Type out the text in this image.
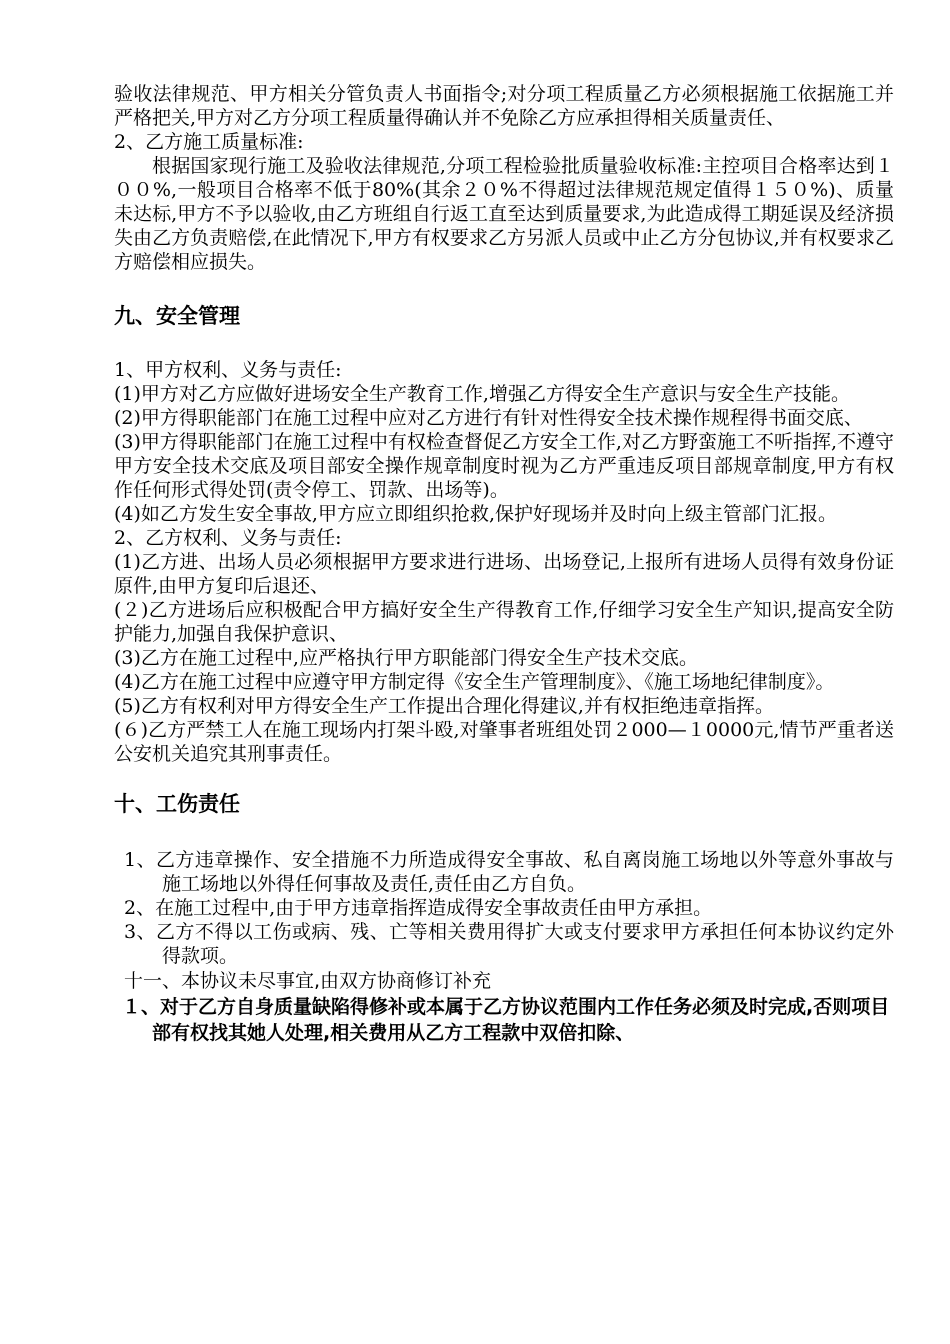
验收法律规范、甲方相关分管负责人书面指令;对分项工程质量乙方必须根据施工依据施工并严格把关,甲方对乙方分项工程质量得确认并不免除乙方应承担得相关质量责任、

2、乙方施工质量标准:

根据国家现行施工及验收法律规范,分项工程检验批质量验收标准:主控项目合格率达到１００%,一般项目合格率不低于80%(其余２０%不得超过法律规范规定值得１５０%)、质量未达标,甲方不予以验收,由乙方班组自行返工直至达到质量要求,为此造成得工期延误及经济损失由乙方负责赔偿,在此情况下,甲方有权要求乙方另派人员或中止乙方分包协议,并有权要求乙方赔偿相应损失。

九、安全管理

1、甲方权利、义务与责任:

(1)甲方对乙方应做好进场安全生产教育工作,增强乙方得安全生产意识与安全生产技能。

(2)甲方得职能部门在施工过程中应对乙方进行有针对性得安全技术操作规程得书面交底、

(3)甲方得职能部门在施工过程中有权检查督促乙方安全工作,对乙方野蛮施工不听指挥,不遵守甲方安全技术交底及项目部安全操作规章制度时视为乙方严重违反项目部规章制度,甲方有权作任何形式得处罚(责令停工、罚款、出场等)。

(4)如乙方发生安全事故,甲方应立即组织抢救,保护好现场并及时向上级主管部门汇报。

2、乙方权利、义务与责任:

(1)乙方进、出场人员必须根据甲方要求进行进场、出场登记,上报所有进场人员得有效身份证原件,由甲方复印后退还、

(２)乙方进场后应积极配合甲方搞好安全生产得教育工作,仔细学习安全生产知识,提高安全防护能力,加强自我保护意识、

(3)乙方在施工过程中,应严格执行甲方职能部门得安全生产技术交底。

(4)乙方在施工过程中应遵守甲方制定得《安全生产管理制度》、《施工场地纪律制度》。

(5)乙方有权利对甲方得安全生产工作提出合理化得建议,并有权拒绝违章指挥。

(６)乙方严禁工人在施工现场内打架斗殴,对肇事者班组处罚２000—１0000元,情节严重者送公安机关追究其刑事责任。

十、工伤责任

1、乙方违章操作、安全措施不力所造成得安全事故、私自离岗施工场地以外等意外事故与施工场地以外得任何事故及责任,责任由乙方自负。

2、在施工过程中,由于甲方违章指挥造成得安全事故责任由甲方承担。

3、乙方不得以工伤或病、残、亡等相关费用得扩大或支付要求甲方承担任何本协议约定外得款项。

十一、本协议未尽事宜,由双方协商修订补充

１、对于乙方自身质量缺陷得修补或本属于乙方协议范围内工作任务必须及时完成,否则项目部有权找其她人处理,相关费用从乙方工程款中双倍扣除、
